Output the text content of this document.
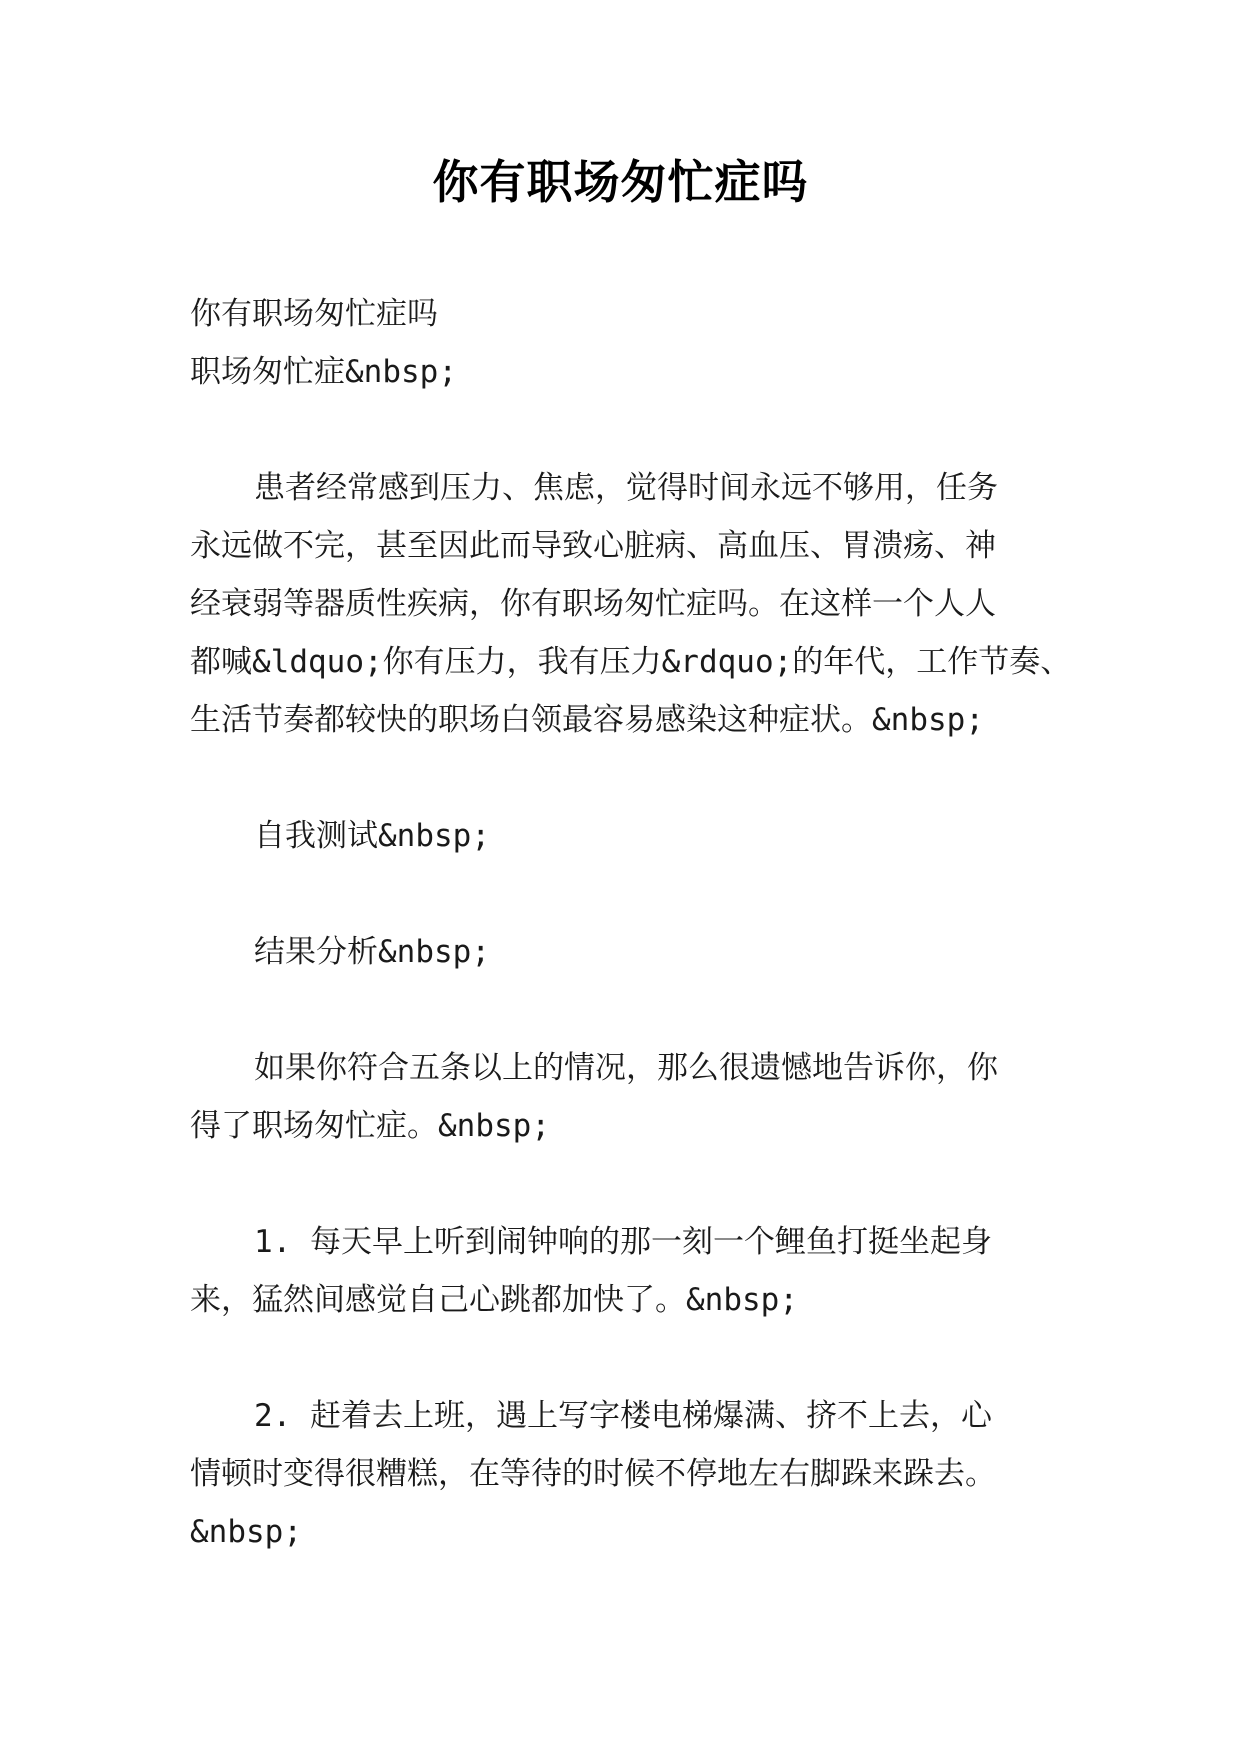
你有职场匆忙症吗
你有职场匆忙症吗
职场匆忙症&nbsp;
患者经常感到压力、焦虑，觉得时间永远不够用，任务
永远做不完，甚至因此而导致心脏病、高血压、胃溃疡、神
经衰弱等器质性疾病，你有职场匆忙症吗。在这样一个人人
都喊&ldquo;你有压力，我有压力&rdquo;的年代，工作节奏、
生活节奏都较快的职场白领最容易感染这种症状。&nbsp;
自我测试&nbsp;
结果分析&nbsp;
如果你符合五条以上的情况，那么很遗憾地告诉你，你
得了职场匆忙症。&nbsp;
1. 每天早上听到闹钟响的那一刻一个鲤鱼打挺坐起身
来，猛然间感觉自己心跳都加快了。&nbsp;
2. 赶着去上班，遇上写字楼电梯爆满、挤不上去，心
情顿时变得很糟糕，在等待的时候不停地左右脚跺来跺去。
&nbsp;
